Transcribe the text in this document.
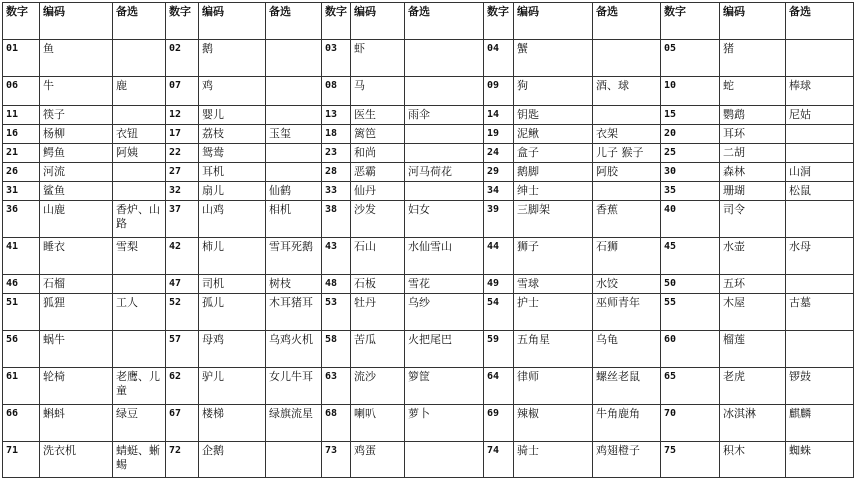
数字	编码	备选	数字	编码	备选	数字	编码	备选	数字	编码	备选	数字	编码	备选
01	鱼		02	鹅		03	虾		04	蟹		05	猪	
06	牛	鹿	07	鸡		08	马		09	狗	酒、球	10	蛇	棒球
11	筷子		12	婴儿		13	医生	雨伞	14	钥匙		15	鹦鹉	尼姑
16	杨柳	衣钮	17	荔枝	玉玺	18	篱笆		19	泥鳅	衣架	20	耳环	
21	鳄鱼	阿姨	22	鸳鸯		23	和尚		24	盒子	儿子 猴子	25	二胡	
26	河流		27	耳机		28	恶霸	河马荷花	29	鹅脚	阿胶	30	森林	山洞
31	鲨鱼		32	扇儿	仙鹤	33	仙丹		34	绅士		35	珊瑚	松鼠
36	山鹿	香炉、山路	37	山鸡	相机	38	沙发	妇女	39	三脚架	香蕉	40	司令	
41	睡衣	雪梨	42	柿儿	雪耳死鹅	43	石山	水仙雪山	44	狮子	石狮	45	水壶	水母
46	石榴		47	司机	树枝	48	石板	雪花	49	雪球	水饺	50	五环	
51	狐狸	工人	52	孤儿	木耳猪耳	53	牡丹	乌纱	54	护士	巫师青年	55	木屋	古墓
56	蜗牛		57	母鸡	乌鸡火机	58	苦瓜	火把尾巴	59	五角星	乌龟	60	榴莲	
61	轮椅	老鹰、儿童	62	驴儿	女儿牛耳	63	流沙	箩筐	64	律师	螺丝老鼠	65	老虎	锣鼓
66	蝌蚪	绿豆	67	楼梯	绿旗流星	68	喇叭	萝卜	69	辣椒	牛角鹿角	70	冰淇淋	麒麟
71	洗衣机	蜻蜓、蜥蜴	72	企鹅		73	鸡蛋		74	骑士	鸡翅橙子	75	积木	蜘蛛
